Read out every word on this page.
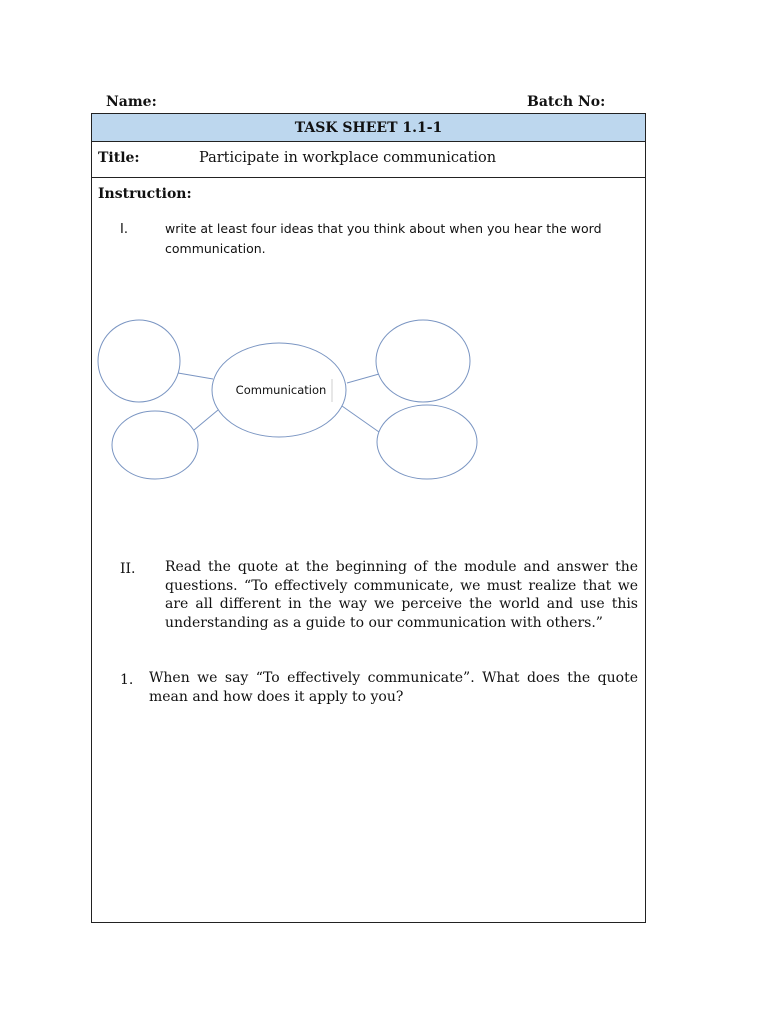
Name:	Batch No:
TASK SHEET 1.1-1
Title:	Participate in workplace communication
Instruction:
I.	write at least four ideas that you think about when you hear the word communication.
Communication
II. Read the quote at the beginning of the module and answer the questions. “To effectively communicate, we must realize that we are all different in the way we perceive the world and use this understanding as a guide to our communication with others.”
1. When we say “To effectively communicate”. What does the quote mean and how does it apply to you?
